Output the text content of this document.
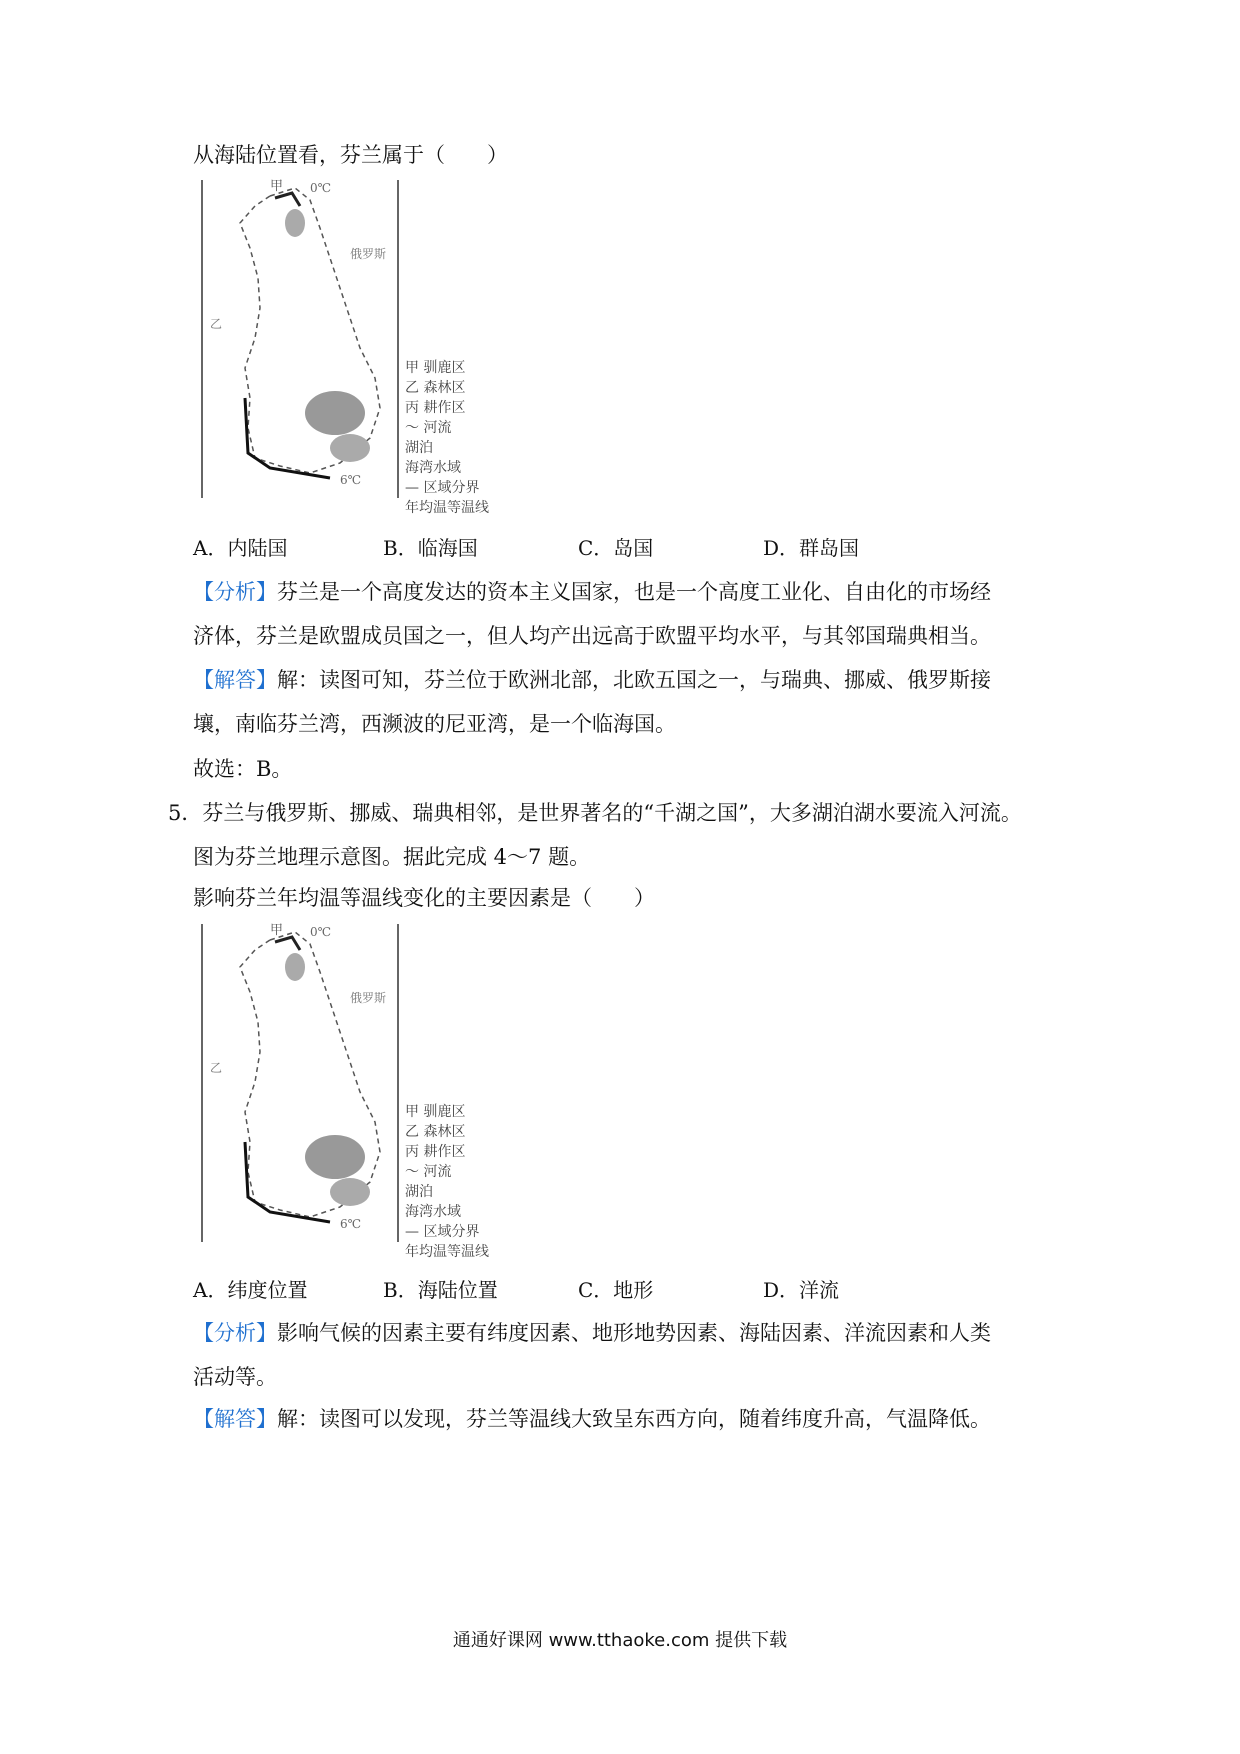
从海陆位置看，芬兰属于（　　）
甲 0℃
俄罗斯
乙
6℃
甲 驯鹿区
乙 森林区
丙 耕作区
～ 河流
湖泊
海湾水域
— 区域分界
年均温等温线
A．内陆国	B．临海国	C．岛国	D．群岛国
【分析】芬兰是一个高度发达的资本主义国家，也是一个高度工业化、自由化的市场经
济体，芬兰是欧盟成员国之一，但人均产出远高于欧盟平均水平，与其邻国瑞典相当。
【解答】解：读图可知，芬兰位于欧洲北部，北欧五国之一，与瑞典、挪威、俄罗斯接
壤，南临芬兰湾，西濒波的尼亚湾，是一个临海国。
故选：B。
5．芬兰与俄罗斯、挪威、瑞典相邻，是世界著名的“千湖之国”，大多湖泊湖水要流入河流。
图为芬兰地理示意图。据此完成 4～7 题。
影响芬兰年均温等温线变化的主要因素是（　　）
甲 0℃
俄罗斯
乙
6℃
甲 驯鹿区
乙 森林区
丙 耕作区
～ 河流
湖泊
海湾水域
— 区域分界
年均温等温线
A．纬度位置	B．海陆位置	C．地形	D．洋流
【分析】影响气候的因素主要有纬度因素、地形地势因素、海陆因素、洋流因素和人类
活动等。
【解答】解：读图可以发现，芬兰等温线大致呈东西方向，随着纬度升高，气温降低。
通通好课网 www.tthaoke.com 提供下载
